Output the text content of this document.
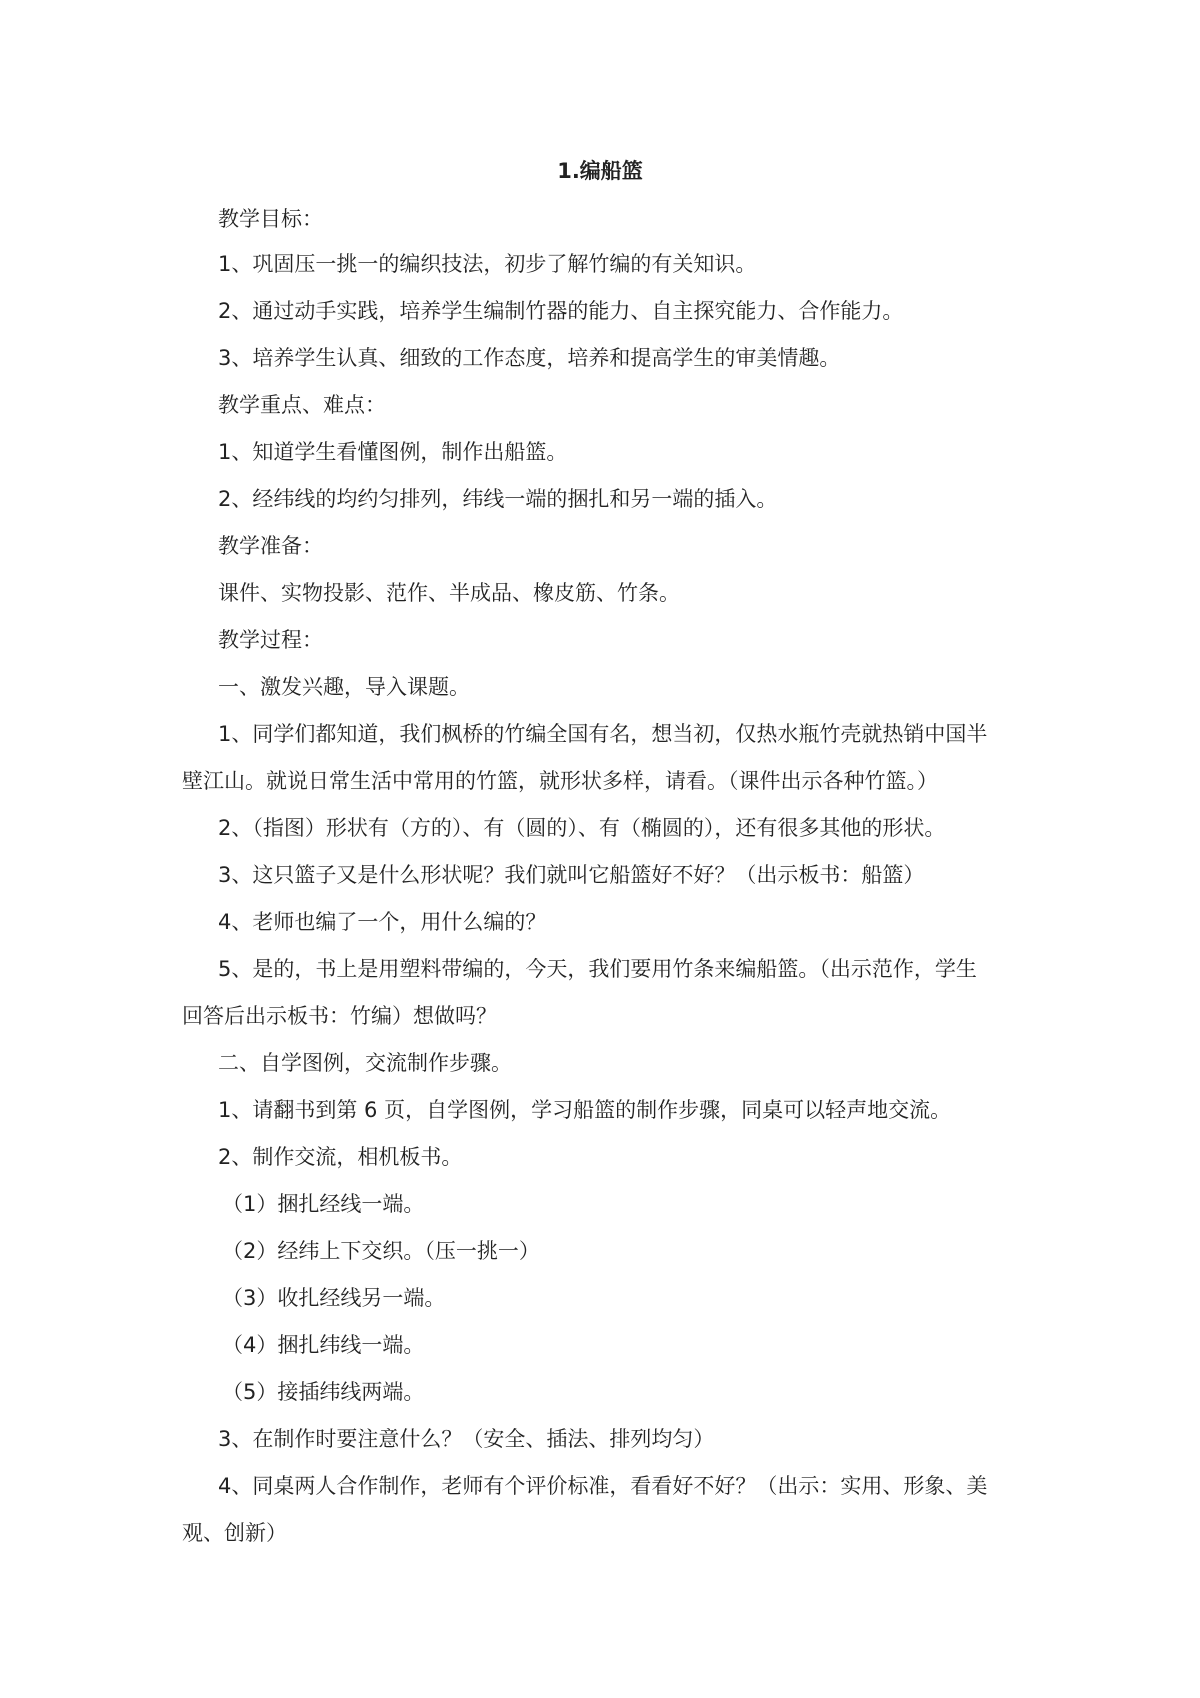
1.编船篮
教学目标：
1、巩固压一挑一的编织技法，初步了解竹编的有关知识。
2、通过动手实践，培养学生编制竹器的能力、自主探究能力、合作能力。
3、培养学生认真、细致的工作态度，培养和提高学生的审美情趣。
教学重点、难点：
1、知道学生看懂图例，制作出船篮。
2、经纬线的均约匀排列，纬线一端的捆扎和另一端的插入。
教学准备：
课件、实物投影、范作、半成品、橡皮筋、竹条。
教学过程：
一、激发兴趣，导入课题。
1、同学们都知道，我们枫桥的竹编全国有名，想当初，仅热水瓶竹壳就热销中国半
壁江山。就说日常生活中常用的竹篮，就形状多样，请看。（课件出示各种竹篮。）
2、（指图）形状有（方的）、有（圆的）、有（椭圆的），还有很多其他的形状。
3、这只篮子又是什么形状呢？我们就叫它船篮好不好？（出示板书：船篮）
4、老师也编了一个，用什么编的？
5、是的，书上是用塑料带编的，今天，我们要用竹条来编船篮。（出示范作，学生
回答后出示板书：竹编）想做吗？
二、自学图例，交流制作步骤。
1、请翻书到第 6 页，自学图例，学习船篮的制作步骤，同桌可以轻声地交流。
2、制作交流，相机板书。
（1）捆扎经线一端。
（2）经纬上下交织。（压一挑一）
（3）收扎经线另一端。
（4）捆扎纬线一端。
（5）接插纬线两端。
3、在制作时要注意什么？（安全、插法、排列均匀）
4、同桌两人合作制作，老师有个评价标准，看看好不好？（出示：实用、形象、美
观、创新）
